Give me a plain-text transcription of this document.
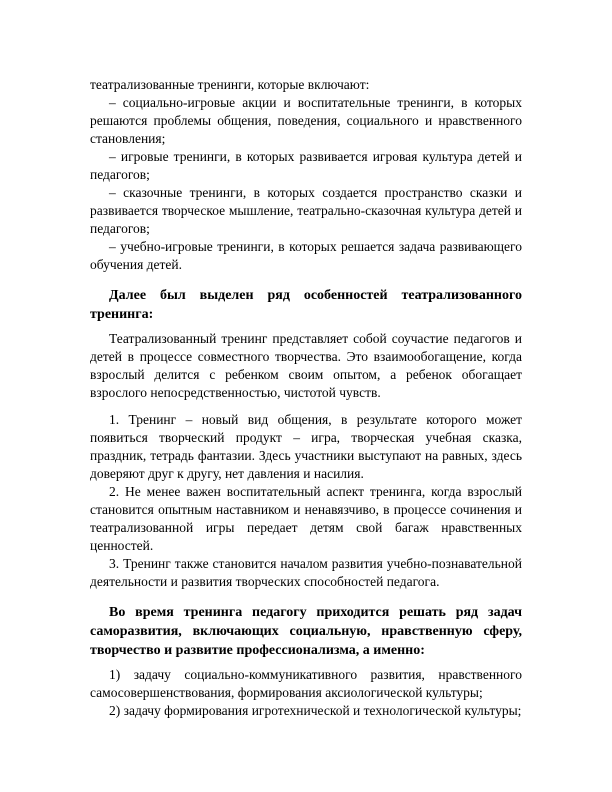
театрализованные тренинги, которые включают:

– социально-игровые акции и воспитательные тренинги, в которых решаются проблемы общения, поведения, социального и нравственного становления;

– игровые тренинги, в которых развивается игровая культура детей и педагогов;

– сказочные тренинги, в которых создается пространство сказки и развивается творческое мышление, театрально-сказочная культура детей и педагогов;

– учебно-игровые тренинги, в которых решается задача развивающего обучения детей.

Далее был выделен ряд особенностей театрализованного тренинга:

Театрализованный тренинг представляет собой соучастие педагогов и детей в процессе совместного творчества. Это взаимообогащение, когда взрослый делится с ребенком своим опытом, а ребенок обогащает взрослого непосредственностью, чистотой чувств.

1. Тренинг – новый вид общения, в результате которого может появиться творческий продукт – игра, творческая учебная сказка, праздник, тетрадь фантазии. Здесь участники выступают на равных, здесь доверяют друг к другу, нет давления и насилия.

2. Не менее важен воспитательный аспект тренинга, когда взрослый становится опытным наставником и ненавязчиво, в процессе сочинения и театрализованной игры передает детям свой багаж нравственных ценностей.

3. Тренинг также становится началом развития учебно-познавательной деятельности и развития творческих способностей педагога.

Во время тренинга педагогу приходится решать ряд задач саморазвития, включающих социальную, нравственную сферу, творчество и развитие профессионализма, а именно:

1) задачу социально-коммуникативного развития, нравственного самосовершенствования, формирования аксиологической культуры;

2) задачу формирования игротехнической и технологической культуры;
